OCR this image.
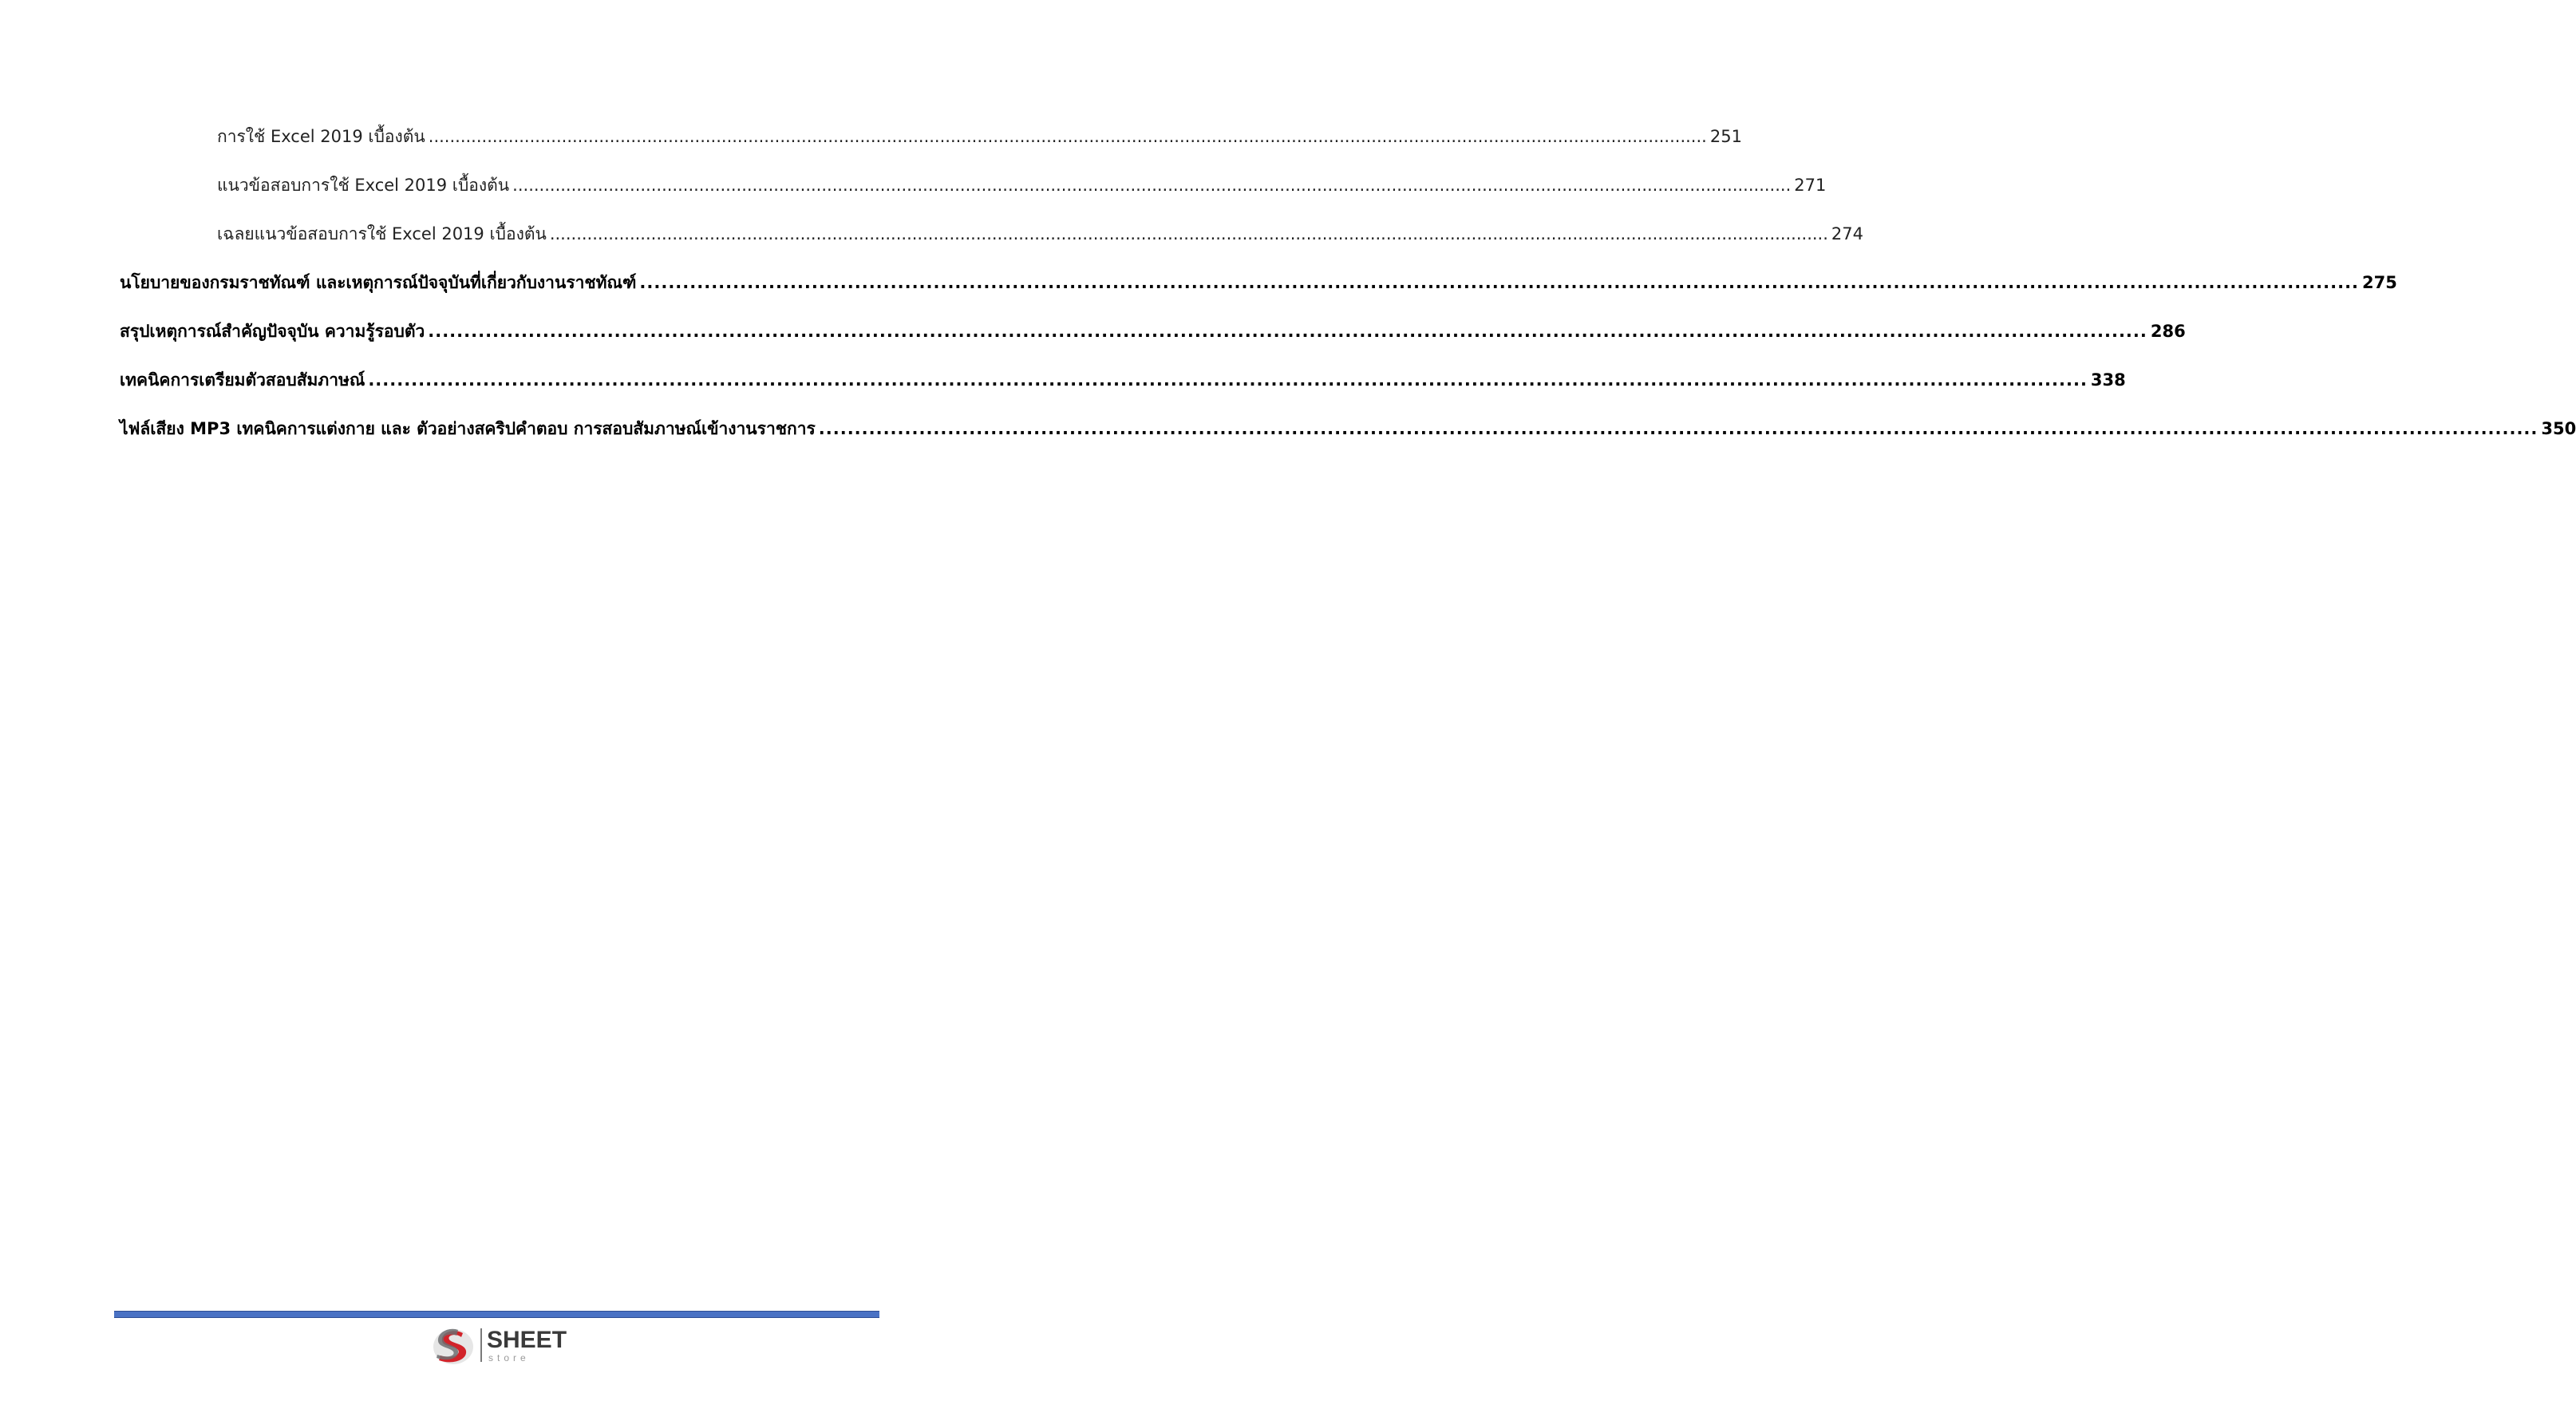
การใช้ Excel 2019 เบื้องต้น .....	251
แนวข้อสอบการใช้ Excel 2019 เบื้องต้น .....	271
เฉลยแนวข้อสอบการใช้ Excel 2019 เบื้องต้น .....	274
นโยบายของกรมราชทัณฑ์ และเหตุการณ์ปัจจุบันที่เกี่ยวกับงานราชทัณฑ์ .....	275
สรุปเหตุการณ์สำคัญปัจจุบัน ความรู้รอบตัว .....	286
เทคนิคการเตรียมตัวสอบสัมภาษณ์ .....	338
ไฟล์เสียง MP3 เทคนิคการแต่งกาย และ ตัวอย่างสคริปคำตอบ การสอบสัมภาษณ์เข้างานราชการ .....	350
SHEET
store
